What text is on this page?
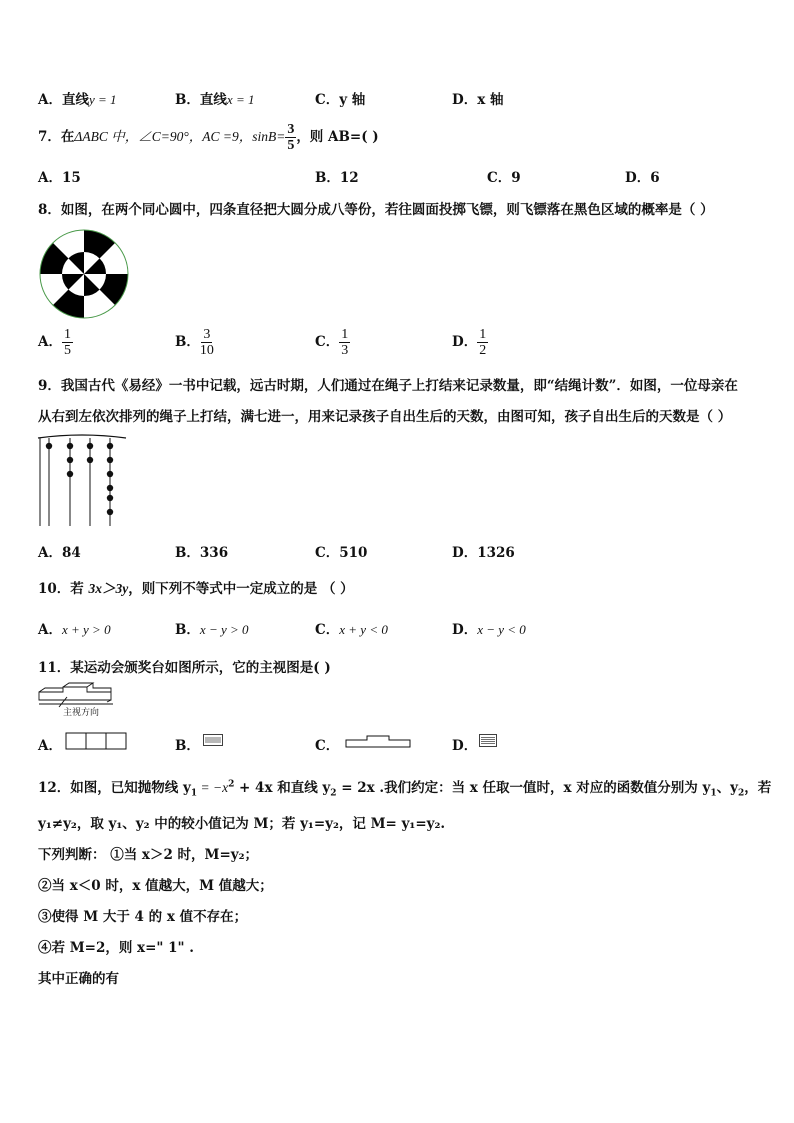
A．直线y = 1	B．直线x = 1	C．y 轴	D．x 轴
7．在ΔABC 中，∠C=90°，AC =9，$\sin B= \frac{3}{5}$ ，则 AB=( )
A．15	B．12	C．9	D．6
8．如图，在两个同心圆中，四条直径把大圆分成八等份，若往圆面投掷飞镖，则飞镖落在黑色区域的概率是（ ）
A． $\frac{1}{5}$	B． $\frac{3}{10}$	C． $\frac{1}{3}$	D． $\frac{1}{2}$
9．我国古代《易经》一书中记载，远古时期，人们通过在绳子上打结来记录数量，即“结绳计数”．如图，一位母亲在
从右到左依次排列的绳子上打结，满七进一，用来记录孩子自出生后的天数，由图可知，孩子自出生后的天数是（ ）
A．84	B．336	C．510	D．1326
10．若 3x＞3y，则下列不等式中一定成立的是 （ ）
A．x + y > 0	B．x − y > 0	C．x + y < 0	D．x − y < 0
11．某运动会颁奖台如图所示，它的主视图是( )
主视方向
A．	B．	C．	D．
12．如图，已知抛物线 $y_1 = -x^2 + 4x$ 和直线 $y_2 = 2x$ .我们约定：当 x 任取一值时，x 对应的函数值分别为 $y_1$、$y_2$，若
y₁≠y₂，取 y₁、y₂ 中的较小值记为 M；若 y₁=y₂，记 M= y₁=y₂.
下列判断： ①当 x＞2 时，M=y₂；
②当 x＜0 时，x 值越大，M 值越大；
③使得 M 大于 4 的 x 值不存在；
④若 M=2，则 x=" 1" .
其中正确的有
